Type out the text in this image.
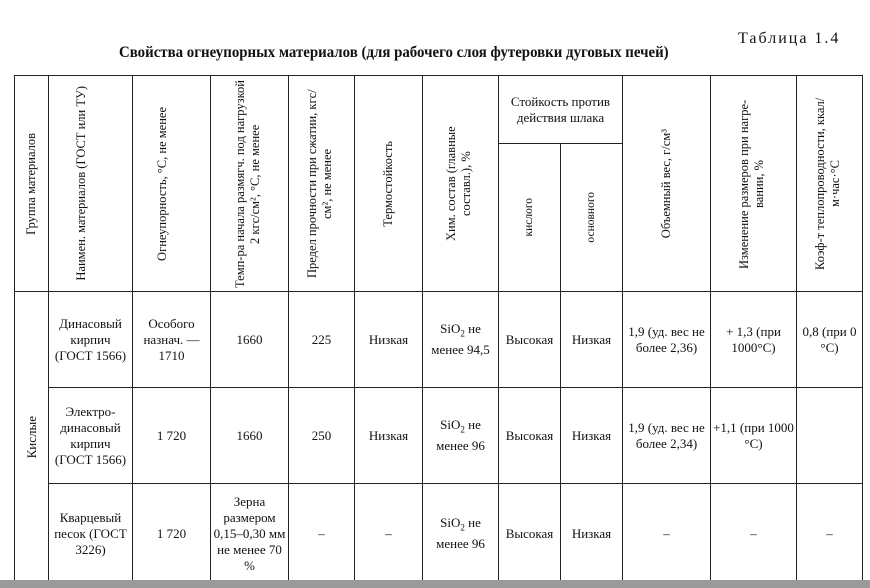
Таблица 1.4
Свойства огнеупорных материалов (для рабочего слоя футеровки дуговых печей)
Группа материалов	Наимен. материалов (ГОСТ или ТУ)	Огнеупорность, °С, не менее	Темп-ра начала размягч. под нагрузкой 2 кгс/см², °С, не менее	Предел прочности при сжатии, кгс/см², не менее	Термостойкость	Хим. состав (главные составл.), %	Стойкость против действия шлака		Объемный вес, г/см³	Изменение размеров при нагре-вании, %	Коэф-т теплопроводности, ккал/м·час·°С

							кислого	основного			

Кислые	Динасовый кирпич (ГОСТ 1566)	Особого назнач. — 1710	1660	225	Низкая	SiO$_2$ не менее 94,5	Высокая	Низкая	1,9 (уд. вес не более 2,36)	+ 1,3 (при 1000°С)	0,8 (при 0 °С)
	Электро-динасовый кирпич (ГОСТ 1566)	1 720	1660	250	Низкая	SiO$_2$ не менее 96	Высокая	Низкая	1,9 (уд. вес не более 2,34)	+1,1 (при 1000 °С)	
	Кварцевый песок (ГОСТ 3226)	1 720	Зерна размером 0,15–0,30 мм не менее 70 %	–	–	SiO$_2$ не менее 96	Высокая	Низкая	–	–	–
